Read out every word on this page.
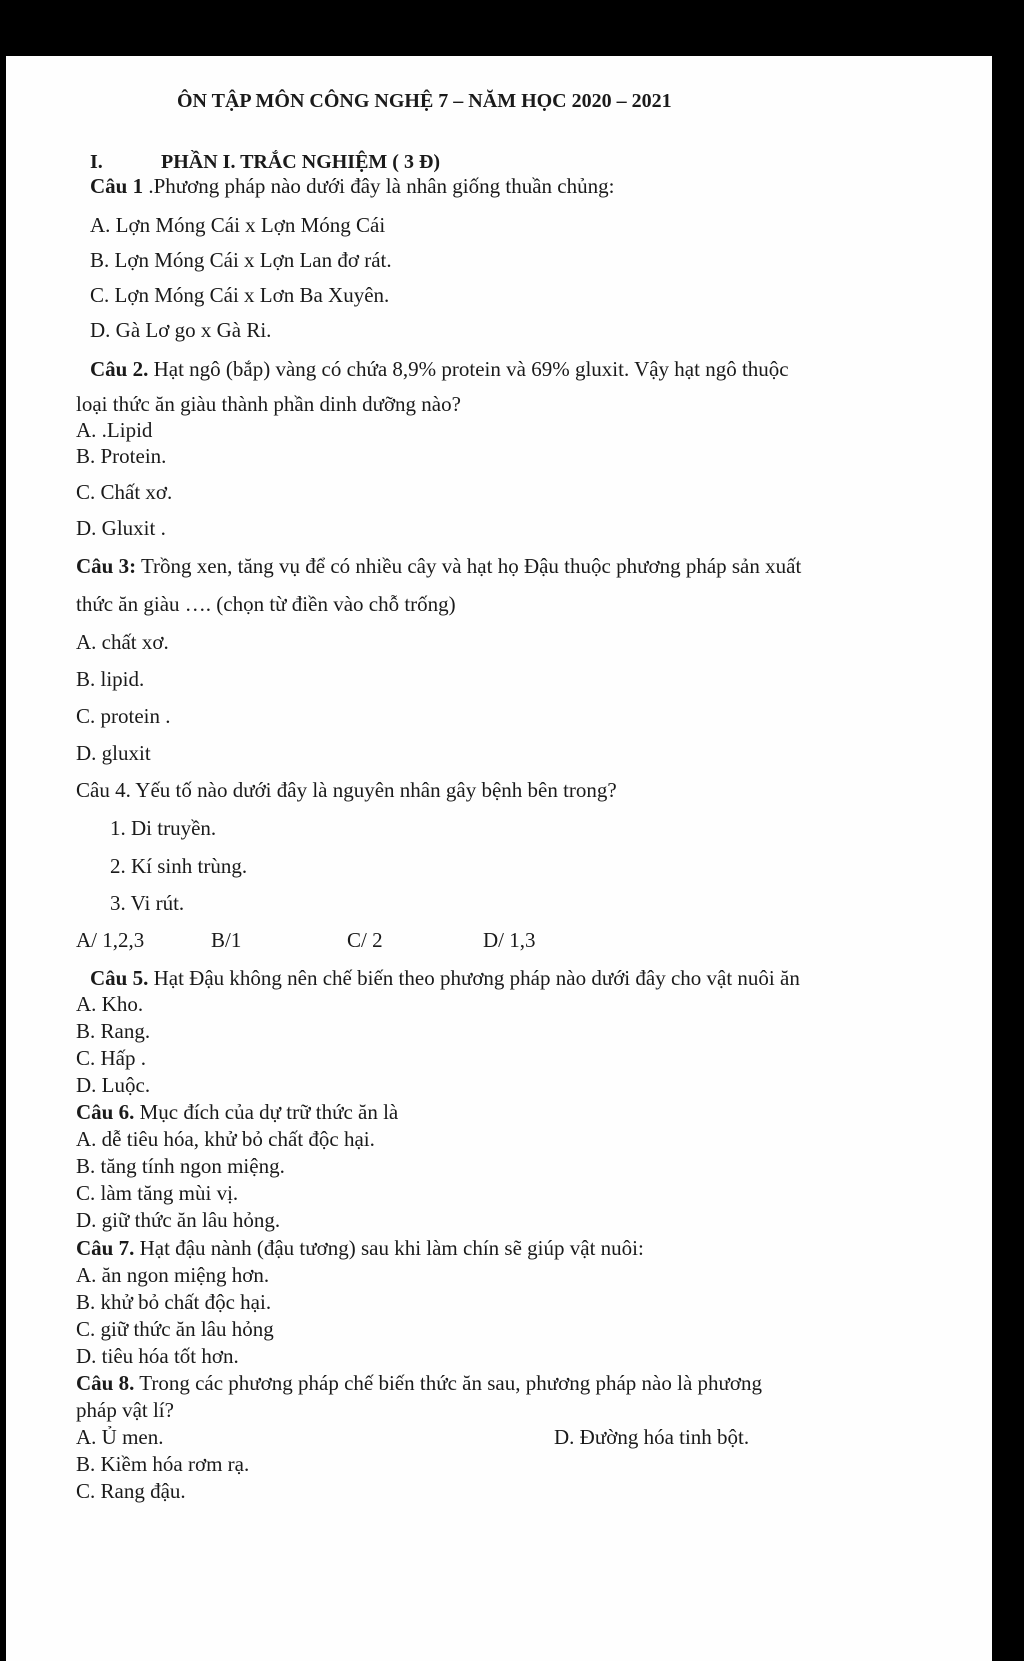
ÔN TẬP MÔN CÔNG NGHỆ 7 – NĂM HỌC 2020 – 2021
I.	PHẦN I. TRẮC NGHIỆM ( 3 Đ)
Câu 1 .Phương pháp nào dưới đây là nhân giống thuần chủng:
A. Lợn Móng Cái x Lợn Móng Cái
B. Lợn Móng Cái x Lợn Lan đơ rát.
C. Lợn Móng Cái x Lơn Ba Xuyên.
D. Gà Lơ go x Gà Ri.
Câu 2. Hạt ngô (bắp) vàng có chứa 8,9% protein và 69% gluxit. Vậy hạt ngô thuộc
loại thức ăn giàu thành phần dinh dưỡng nào?
A. .Lipid
B. Protein.
C. Chất xơ.
D. Gluxit .
Câu 3: Trồng xen, tăng vụ để có nhiều cây và hạt họ Đậu thuộc phương pháp sản xuất
thức ăn giàu …. (chọn từ điền vào chỗ trống)
A. chất xơ.
B. lipid.
C. protein .
D. gluxit
Câu 4. Yếu tố nào dưới đây là nguyên nhân gây bệnh bên trong?
1. Di truyền.
2. Kí sinh trùng.
3. Vi rút.
A/ 1,2,3	B/1	C/ 2	D/ 1,3
Câu 5. Hạt Đậu không nên chế biến theo phương pháp nào dưới đây cho vật nuôi ăn
A. Kho.
B. Rang.
C. Hấp .
D. Luộc.
Câu 6. Mục đích của dự trữ thức ăn là
A. dễ tiêu hóa, khử bỏ chất độc hại.
B. tăng tính ngon miệng.
C. làm tăng mùi vị.
D. giữ thức ăn lâu hỏng.
Câu 7. Hạt đậu nành (đậu tương) sau khi làm chín sẽ giúp vật nuôi:
A. ăn ngon miệng hơn.
B. khử bỏ chất độc hại.
C. giữ thức ăn lâu hỏng
D. tiêu hóa tốt hơn.
Câu 8. Trong các phương pháp chế biến thức ăn sau, phương pháp nào là phương
pháp vật lí?
A. Ủ men.	D. Đường hóa tinh bột.
B. Kiềm hóa rơm rạ.
C. Rang đậu.
